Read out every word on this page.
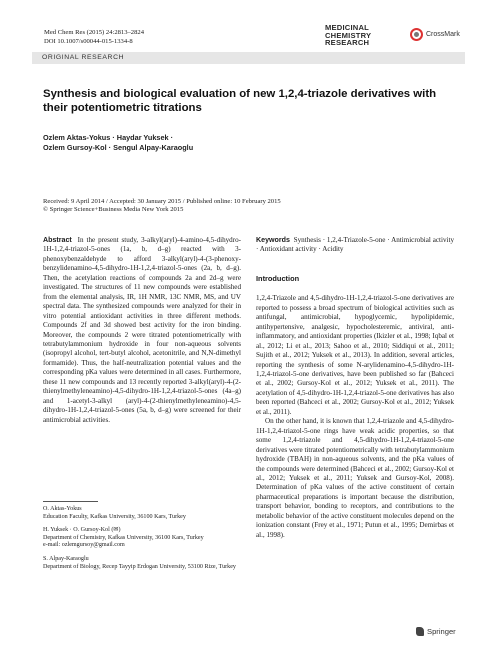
Med Chem Res (2015) 24:2813–2824
DOI 10.1007/s00044-015-1334-8
MEDICINAL
CHEMISTRY
RESEARCH
CrossMark
ORIGINAL RESEARCH
Synthesis and biological evaluation of new 1,2,4-triazole derivatives with their potentiometric titrations
Ozlem Aktas-Yokus · Haydar Yuksek ·
Ozlem Gursoy-Kol · Sengul Alpay-Karaoglu
Received: 9 April 2014 / Accepted: 30 January 2015 / Published online: 10 February 2015
© Springer Science+Business Media New York 2015
Abstract In the present study, 3-alkyl(aryl)-4-amino-4,5-dihydro-1H-1,2,4-triazol-5-ones (1a, b, d–g) reacted with 3-phenoxybenzaldehyde to afford 3-alkyl(aryl)-4-(3-phenoxy-benzylidenamino-4,5-dihydro-1H-1,2,4-triazol-5-ones (2a, b, d–g). Then, the acetylation reactions of compounds 2a and 2d–g were investigated. The structures of 11 new compounds were established from the elemental analysis, IR, 1H NMR, 13C NMR, MS, and UV spectral data. The synthesized compounds were analyzed for their in vitro potential antioxidant activities in three different methods. Compounds 2f and 3d showed best activity for the iron binding. Moreover, the compounds 2 were titrated potentiometrically with tetrabutylammonium hydroxide in four non-aqueous solvents (isopropyl alcohol, tert-butyl alcohol, acetonitrile, and N,N-dimethyl formamide). Thus, the half-neutralization potential values and the corresponding pKa values were determined in all cases. Furthermore, these 11 new compounds and 13 recently reported 3-alkyl(aryl)-4-(2-thienylmethyleneamino)-4,5-dihydro-1H-1,2,4-triazol-5-ones (4a–g) and 1-acetyl-3-alkyl (aryl)-4-(2-thienylmethyleneamino)-4,5-dihydro-1H-1,2,4-triazol-5-ones (5a, b, d–g) were screened for their antimicrobial activities.
Keywords Synthesis · 1,2,4-Triazole-5-one · Antimicrobial activity · Antioxidant activity · Acidity
Introduction
1,2,4-Triazole and 4,5-dihydro-1H-1,2,4-triazol-5-one derivatives are reported to possess a broad spectrum of biological activities such as antifungal, antimicrobial, hypoglycemic, hypolipidemic, antihypertensive, analgesic, hypocholesteremic, antiviral, anti-inflammatory, and antioxidant properties (Ikizler et al., 1998; Iqbal et al., 2012; Li et al., 2013; Sahoo et al., 2010; Siddiqui et al., 2011; Sujith et al., 2012; Yuksek et al., 2013). In addition, several articles, reporting the synthesis of some N-arylidenamino-4,5-dihydro-1H-1,2,4-triazol-5-one derivatives, have been published so far (Bahceci et al., 2002; Gursoy-Kol et al., 2012; Yuksek et al., 2011). The acetylation of 4,5-dihydro-1H-1,2,4-triazol-5-one derivatives has also been reported (Bahceci et al., 2002; Gursoy-Kol et al., 2012; Yuksek et al., 2011).
On the other hand, it is known that 1,2,4-triazole and 4,5-dihydro-1H-1,2,4-triazol-5-one rings have weak acidic properties, so that some 1,2,4-triazole and 4,5-dihydro-1H-1,2,4-triazol-5-one derivatives were titrated potentiometrically with tetrabutylammonium hydroxide (TBAH) in non-aqueous solvents, and the pKa values of the compounds were determined (Bahceci et al., 2002; Gursoy-Kol et al., 2012; Yuksek et al., 2011; Yuksek and Gursoy-Kol, 2008). Determination of pKa values of the active constituent of certain pharmaceutical preparations is important because the distribution, transport behavior, bonding to receptors, and contributions to the metabolic behavior of the active constituent molecules depend on the ionization constant (Frey et al., 1971; Putun et al., 1995; Demirbas et al., 1998).
O. Aktas-Yokus
Education Faculty, Kafkas University, 36100 Kars, Turkey
H. Yuksek · O. Gursoy-Kol (✉)
Department of Chemistry, Kafkas University, 36100 Kars, Turkey
e-mail: ozlemgursoy@gmail.com
S. Alpay-Karaoglu
Department of Biology, Recep Tayyip Erdogan University, 53100 Rize, Turkey
Springer
